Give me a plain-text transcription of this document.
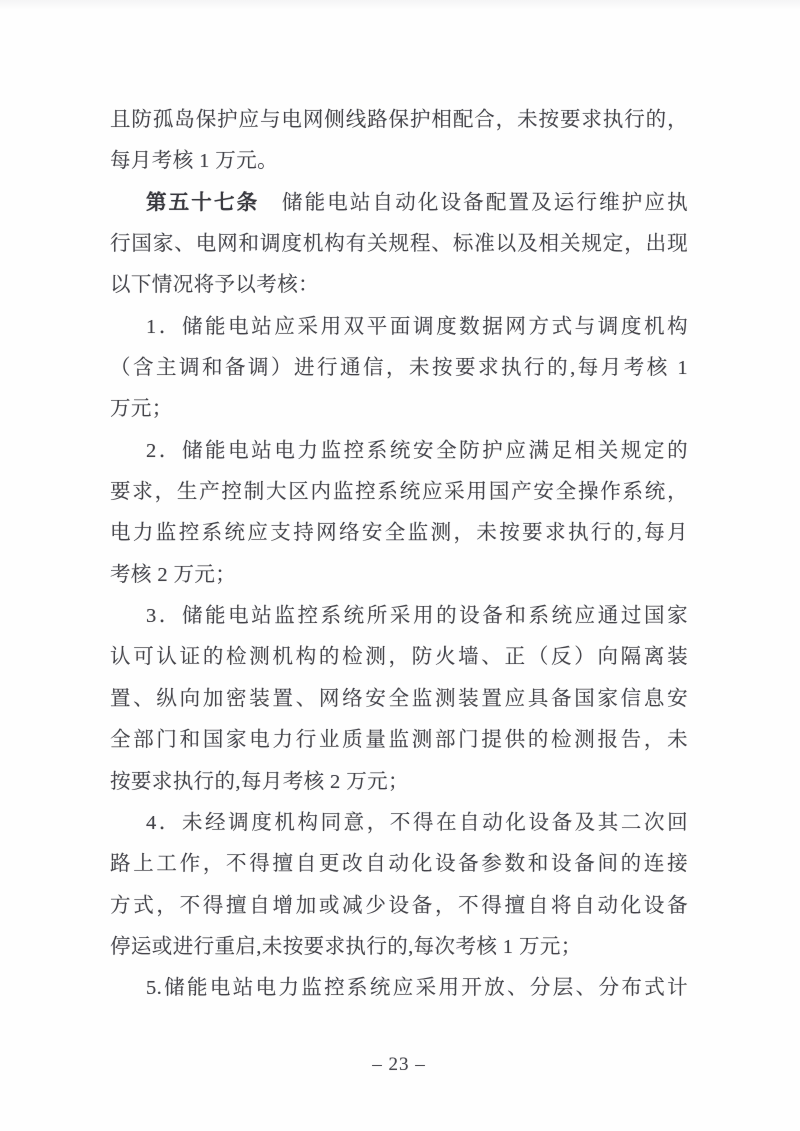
且防孤岛保护应与电网侧线路保护相配合，未按要求执行的，
每月考核 1 万元。
第五十七条　储能电站自动化设备配置及运行维护应执
行国家、电网和调度机构有关规程、标准以及相关规定，出现
以下情况将予以考核：
1．储能电站应采用双平面调度数据网方式与调度机构
（含主调和备调）进行通信，未按要求执行的,每月考核 1
万元；
2．储能电站电力监控系统安全防护应满足相关规定的
要求，生产控制大区内监控系统应采用国产安全操作系统，
电力监控系统应支持网络安全监测，未按要求执行的,每月
考核 2 万元；
3．储能电站监控系统所采用的设备和系统应通过国家
认可认证的检测机构的检测，防火墙、正（反）向隔离装
置、纵向加密装置、网络安全监测装置应具备国家信息安
全部门和国家电力行业质量监测部门提供的检测报告，未
按要求执行的,每月考核 2 万元；
4．未经调度机构同意，不得在自动化设备及其二次回
路上工作，不得擅自更改自动化设备参数和设备间的连接
方式，不得擅自增加或减少设备，不得擅自将自动化设备
停运或进行重启,未按要求执行的,每次考核 1 万元；
5.储能电站电力监控系统应采用开放、分层、分布式计
– 23 –
